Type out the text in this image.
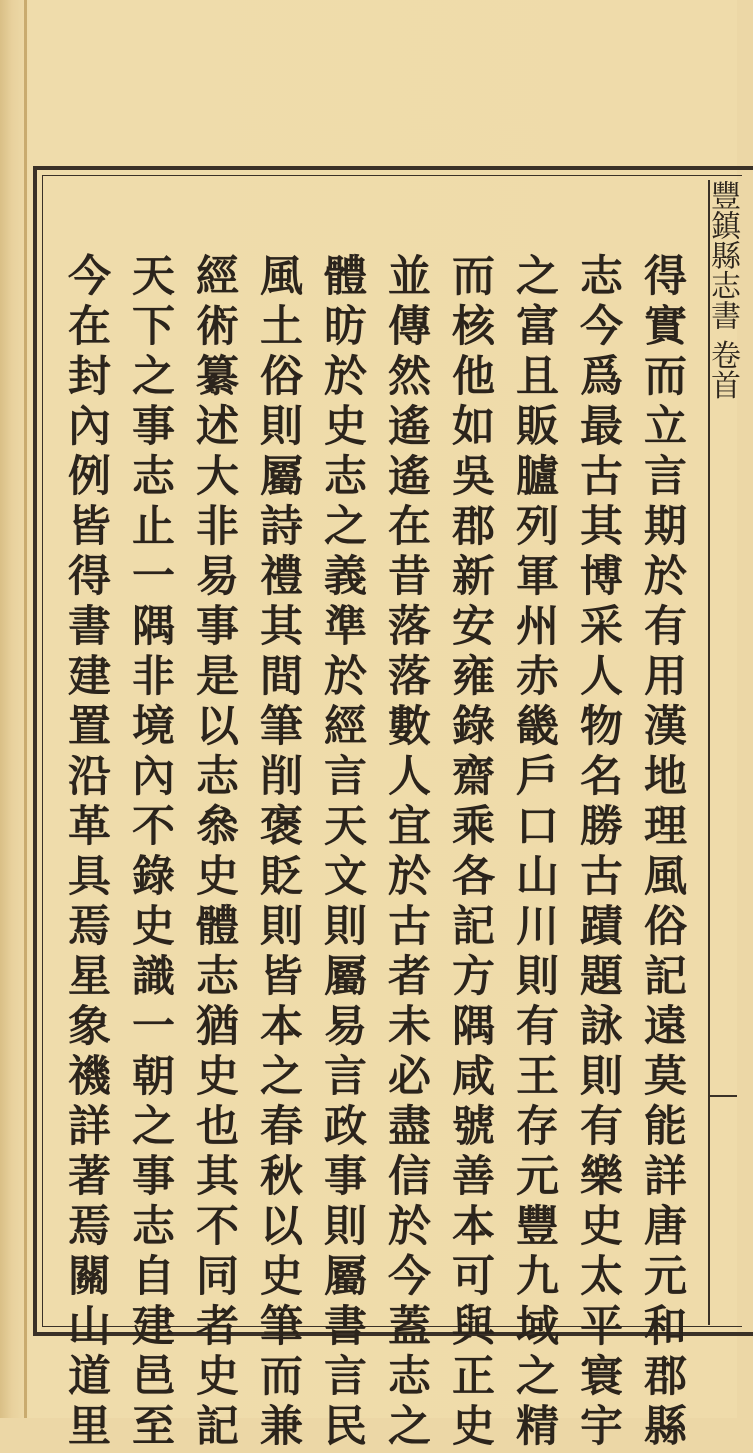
豐鎮縣志書 卷首
得實而立言期於有用漢地理風俗記遠莫能詳唐元和郡縣
志今爲最古其博采人物名勝古蹟題詠則有樂史太平寰宇
之富且販臚列軍州赤畿戶口山川則有王存元豐九域之精
而核他如吳郡新安雍錄齋乘各記方隅咸號善本可與正史
並傳然遙遙在昔落落數人宜於古者未必盡信於今蓋志之
體昉於史志之義準於經言天文則屬易言政事則屬書言民
風土俗則屬詩禮其間筆削褒貶則皆本之春秋以史筆而兼
經術纂述大非易事是以志叅史體志猶史也其不同者史記
天下之事志止一隅非境內不錄史識一朝之事志自建邑至
今在封內例皆得書建置沿革具焉星象禨詳著焉關山道里
